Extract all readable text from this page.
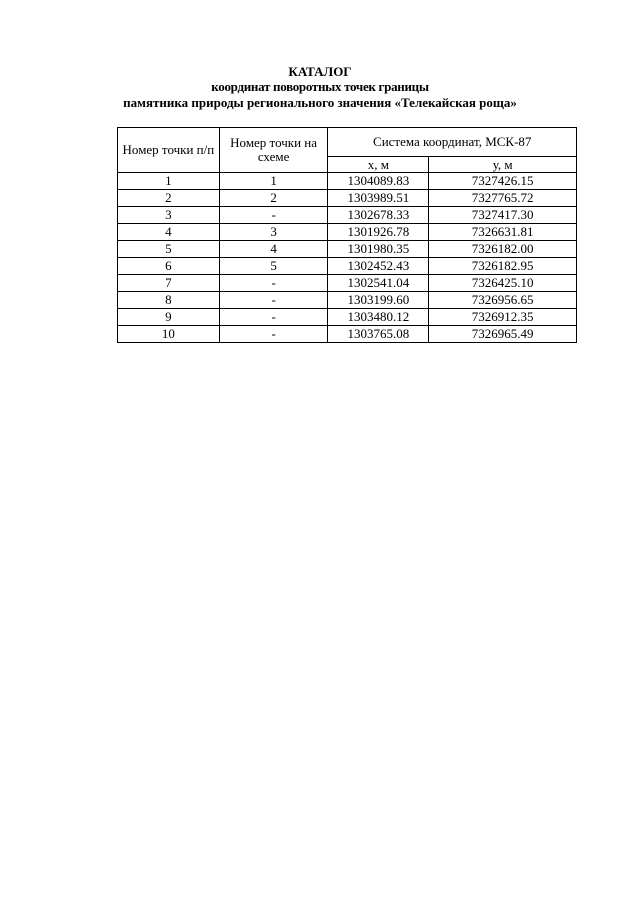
КАТАЛОГ
координат поворотных точек границы
памятника природы регионального значения «Телекайская роща»
Номер точки п/п	Номер точки на схеме	Система координат, МСК-87	
		х, м	у, м
1	1	1304089.83	7327426.15
2	2	1303989.51	7327765.72
3	-	1302678.33	7327417.30
4	3	1301926.78	7326631.81
5	4	1301980.35	7326182.00
6	5	1302452.43	7326182.95
7	-	1302541.04	7326425.10
8	-	1303199.60	7326956.65
9	-	1303480.12	7326912.35
10	-	1303765.08	7326965.49
